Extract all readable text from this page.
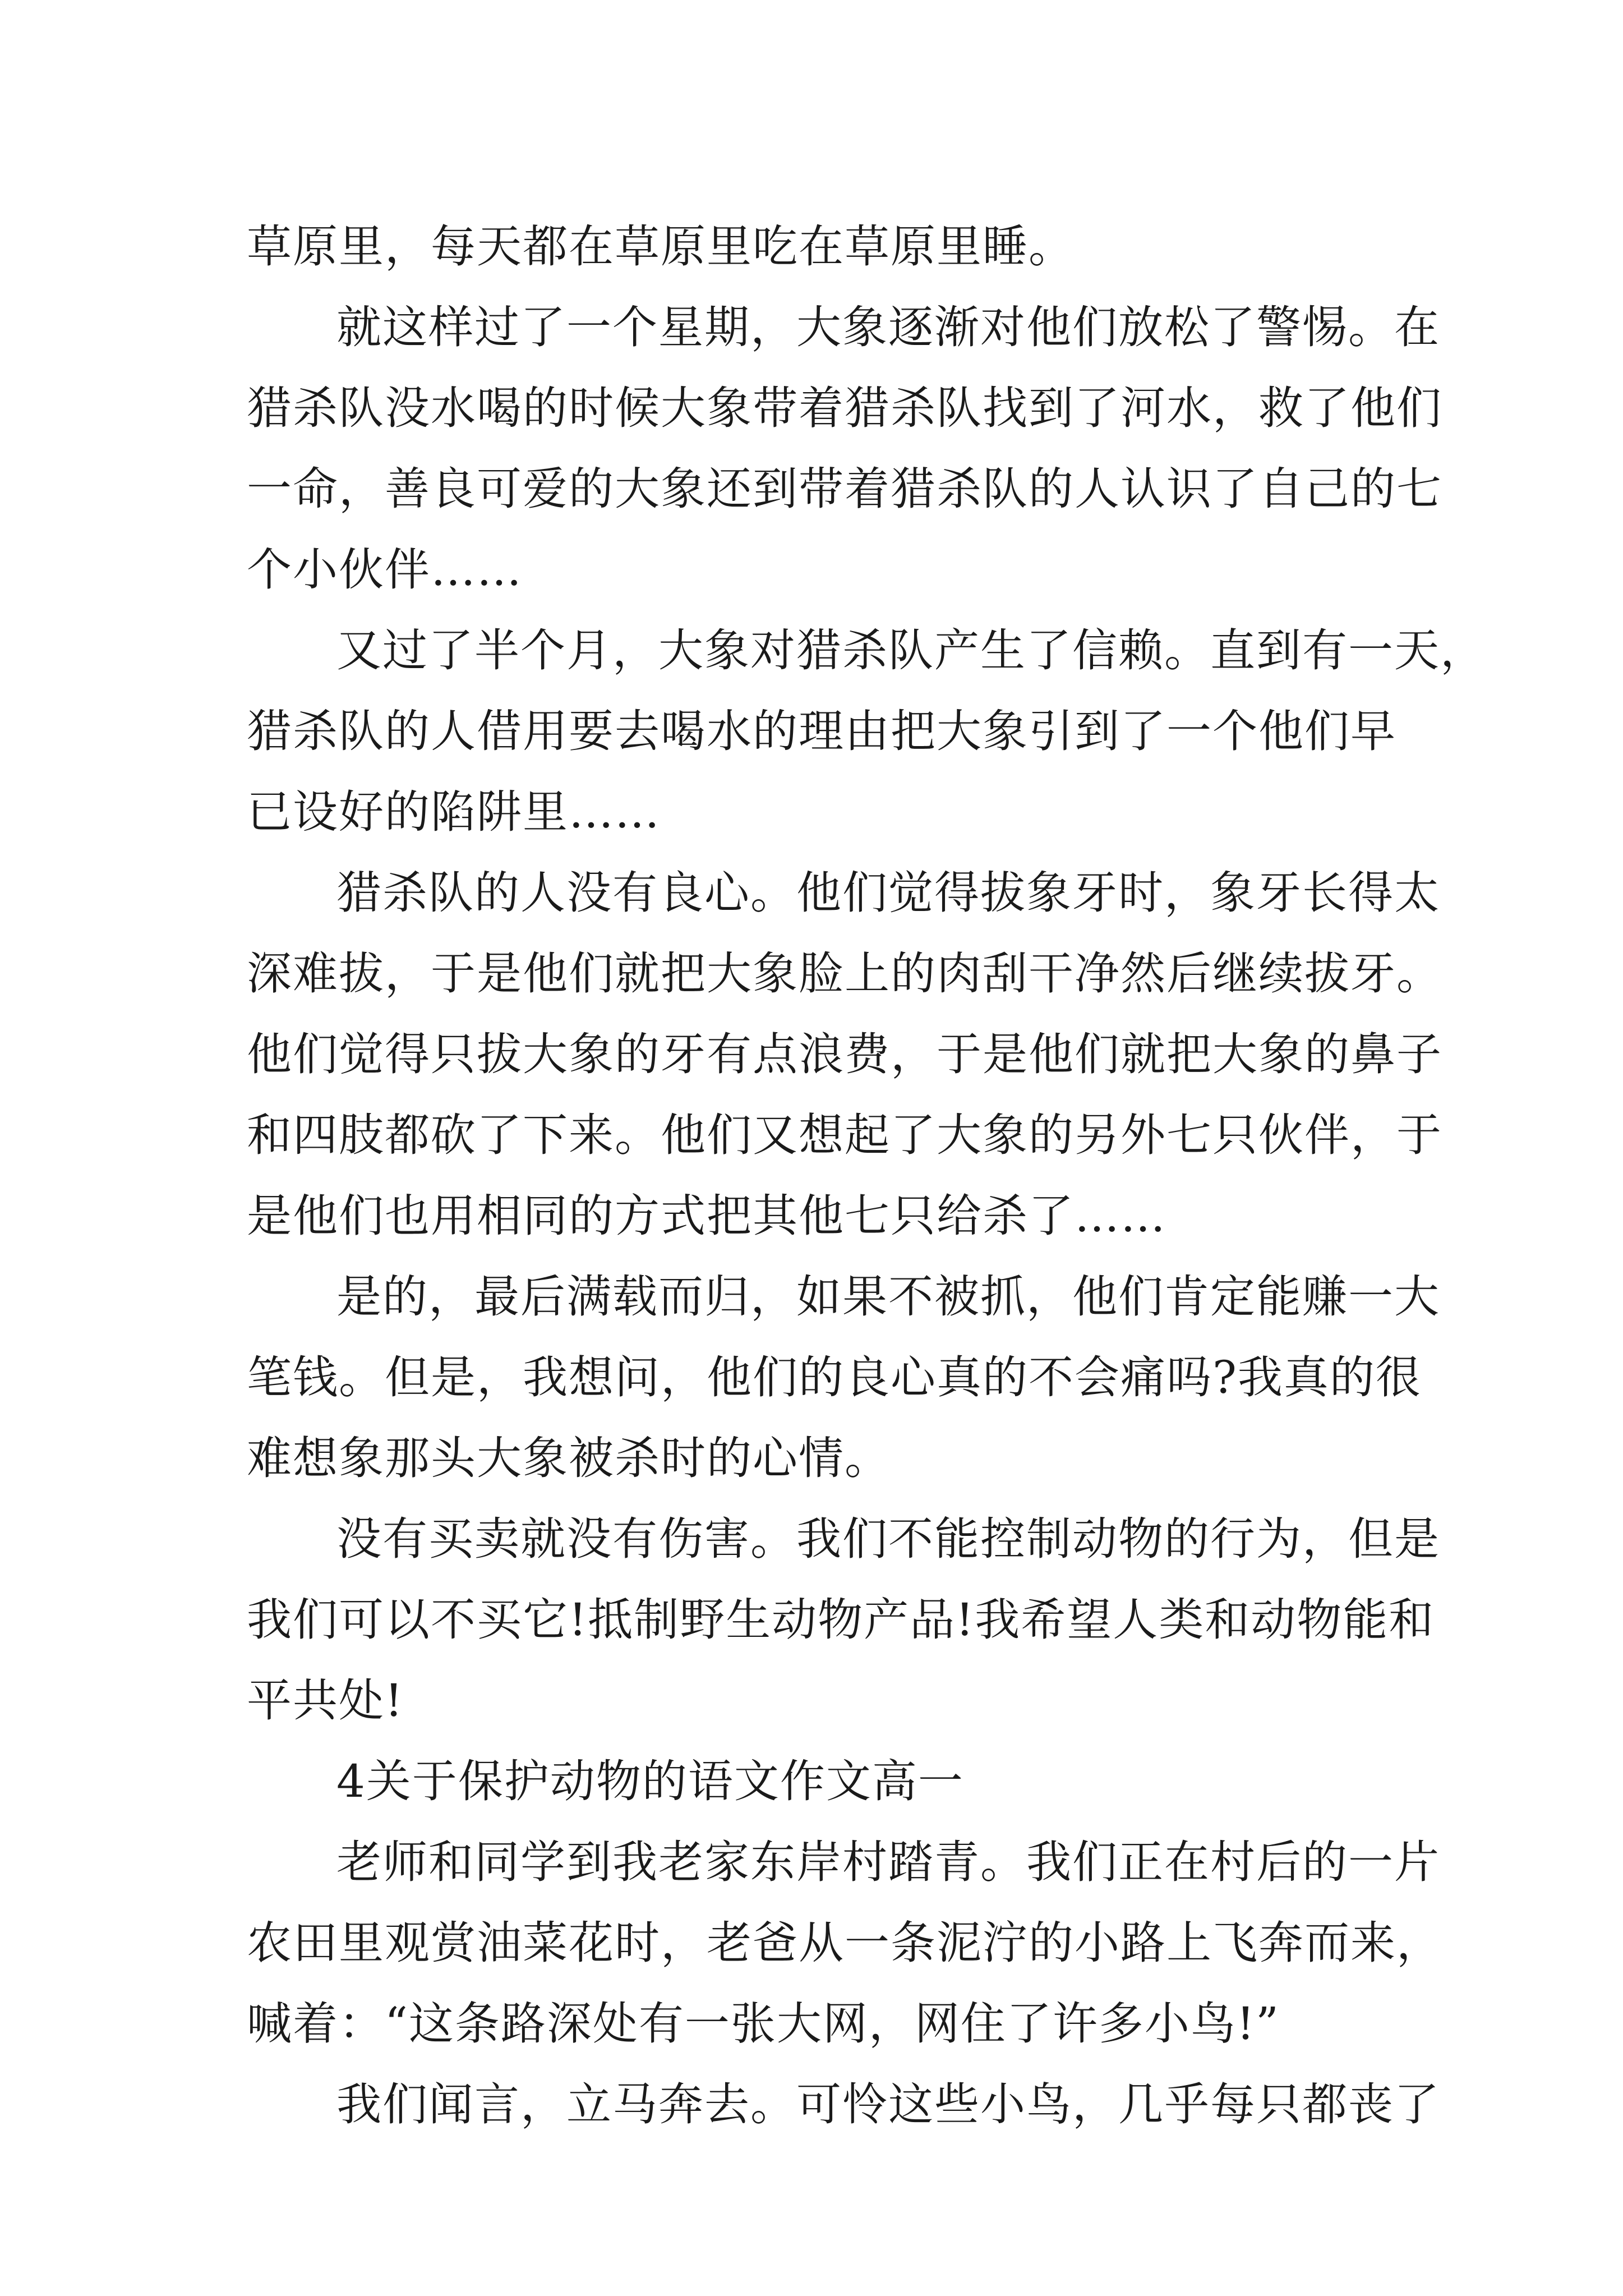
草原里，每天都在草原里吃在草原里睡。
就这样过了一个星期，大象逐渐对他们放松了警惕。在
猎杀队没水喝的时候大象带着猎杀队找到了河水，救了他们
一命，善良可爱的大象还到带着猎杀队的人认识了自己的七
个小伙伴……
又过了半个月，大象对猎杀队产生了信赖。直到有一天，
猎杀队的人借用要去喝水的理由把大象引到了一个他们早
已设好的陷阱里……
猎杀队的人没有良心。他们觉得拔象牙时，象牙长得太
深难拔，于是他们就把大象脸上的肉刮干净然后继续拔牙。
他们觉得只拔大象的牙有点浪费，于是他们就把大象的鼻子
和四肢都砍了下来。他们又想起了大象的另外七只伙伴，于
是他们也用相同的方式把其他七只给杀了……
是的，最后满载而归，如果不被抓，他们肯定能赚一大
笔钱。但是，我想问，他们的良心真的不会痛吗?我真的很
难想象那头大象被杀时的心情。
没有买卖就没有伤害。我们不能控制动物的行为，但是
我们可以不买它!抵制野生动物产品!我希望人类和动物能和
平共处!
4关于保护动物的语文作文高一
老师和同学到我老家东岸村踏青。我们正在村后的一片
农田里观赏油菜花时，老爸从一条泥泞的小路上飞奔而来，
喊着：“这条路深处有一张大网，网住了许多小鸟!”
我们闻言，立马奔去。可怜这些小鸟，几乎每只都丧了
